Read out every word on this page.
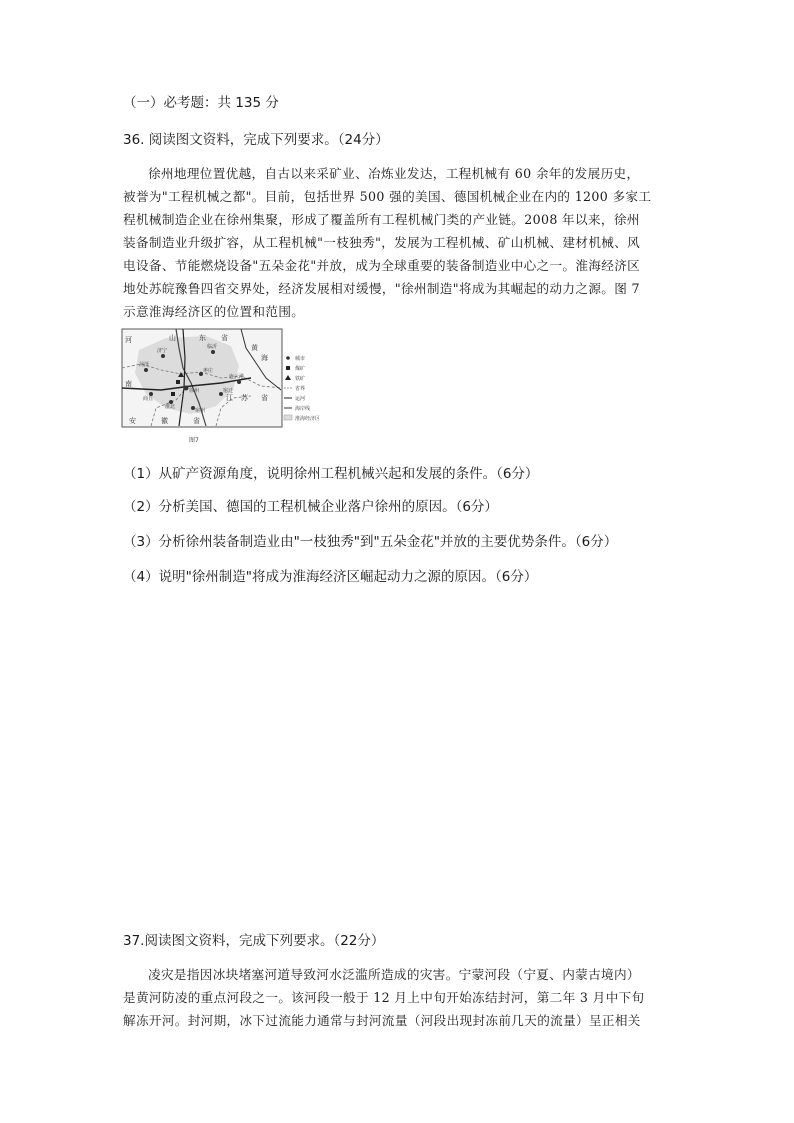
（一）必考题：共 135 分
36. 阅读图文资料，完成下列要求。（24分）
徐州地理位置优越，自古以来采矿业、冶炼业发达，工程机械有 60 余年的发展历史，
被誉为"工程机械之都"。目前，包括世界 500 强的美国、德国机械企业在内的 1200 多家工
程机械制造企业在徐州集聚，形成了覆盖所有工程机械门类的产业链。2008 年以来，徐州
装备制造业升级扩容，从工程机械"一枝独秀"，发展为工程机械、矿山机械、建材机械、风
电设备、节能燃烧设备"五朵金花"并放，成为全球重要的装备制造业中心之一。淮海经济区
地处苏皖豫鲁四省交界处，经济发展相对缓慢，"徐州制造"将成为其崛起的动力之源。图 7
示意淮海经济区的位置和范围。
山	东 省
河
南
江 苏 省
安	徽	省
黄
海
济宁
临沂
菏泽
枣庄
连云港
徐州
商丘
宿州
宿迁
淮北
城市
煤矿
铁矿
省界
运河
海岸线
淮海经济区
图7
（1）从矿产资源角度，说明徐州工程机械兴起和发展的条件。（6分）
（2）分析美国、德国的工程机械企业落户徐州的原因。（6分）
（3）分析徐州装备制造业由"一枝独秀"到"五朵金花"并放的主要优势条件。（6分）
（4）说明"徐州制造"将成为淮海经济区崛起动力之源的原因。（6分）
37.阅读图文资料，完成下列要求。（22分）
凌灾是指因冰块堵塞河道导致河水泛滥所造成的灾害。宁蒙河段（宁夏、内蒙古境内）
是黄河防凌的重点河段之一。该河段一般于 12 月上中旬开始冻结封河，第二年 3 月中下旬
解冻开河。封河期，冰下过流能力通常与封河流量（河段出现封冻前几天的流量）呈正相关
